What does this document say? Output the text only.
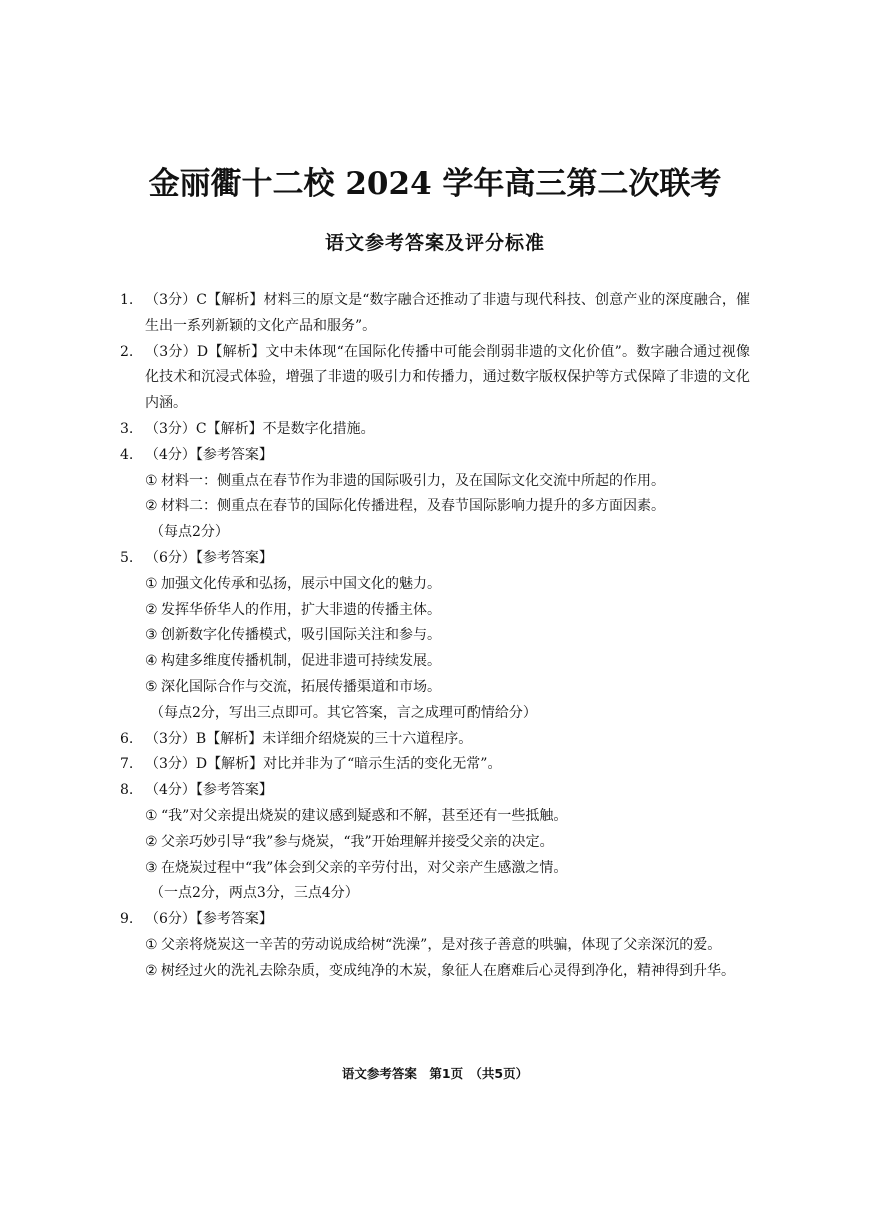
金丽衢十二校 2024 学年高三第二次联考
语文参考答案及评分标准
1. （3分）C【解析】材料三的原文是“数字融合还推动了非遗与现代科技、创意产业的深度融合，催生出一系列新颖的文化产品和服务”。
2. （3分）D【解析】文中未体现“在国际化传播中可能会削弱非遗的文化价值”。数字融合通过视像化技术和沉浸式体验，增强了非遗的吸引力和传播力，通过数字版权保护等方式保障了非遗的文化内涵。
3. （3分）C【解析】不是数字化措施。
4. （4分）【参考答案】
① 材料一：侧重点在春节作为非遗的国际吸引力，及在国际文化交流中所起的作用。
② 材料二：侧重点在春节的国际化传播进程，及春节国际影响力提升的多方面因素。
（每点2分）
5. （6分）【参考答案】
① 加强文化传承和弘扬，展示中国文化的魅力。
② 发挥华侨华人的作用，扩大非遗的传播主体。
③ 创新数字化传播模式，吸引国际关注和参与。
④ 构建多维度传播机制，促进非遗可持续发展。
⑤ 深化国际合作与交流，拓展传播渠道和市场。
（每点2分，写出三点即可。其它答案，言之成理可酌情给分）
6. （3分）B【解析】未详细介绍烧炭的三十六道程序。
7. （3分）D【解析】对比并非为了“暗示生活的变化无常”。
8. （4分）【参考答案】
① “我”对父亲提出烧炭的建议感到疑惑和不解，甚至还有一些抵触。
② 父亲巧妙引导“我”参与烧炭，“我”开始理解并接受父亲的决定。
③ 在烧炭过程中“我”体会到父亲的辛劳付出，对父亲产生感激之情。
（一点2分，两点3分，三点4分）
9. （6分）【参考答案】
① 父亲将烧炭这一辛苦的劳动说成给树“洗澡”，是对孩子善意的哄骗，体现了父亲深沉的爱。
② 树经过火的洗礼去除杂质，变成纯净的木炭，象征人在磨难后心灵得到净化，精神得到升华。
语文参考答案　第1页　（共5页）
